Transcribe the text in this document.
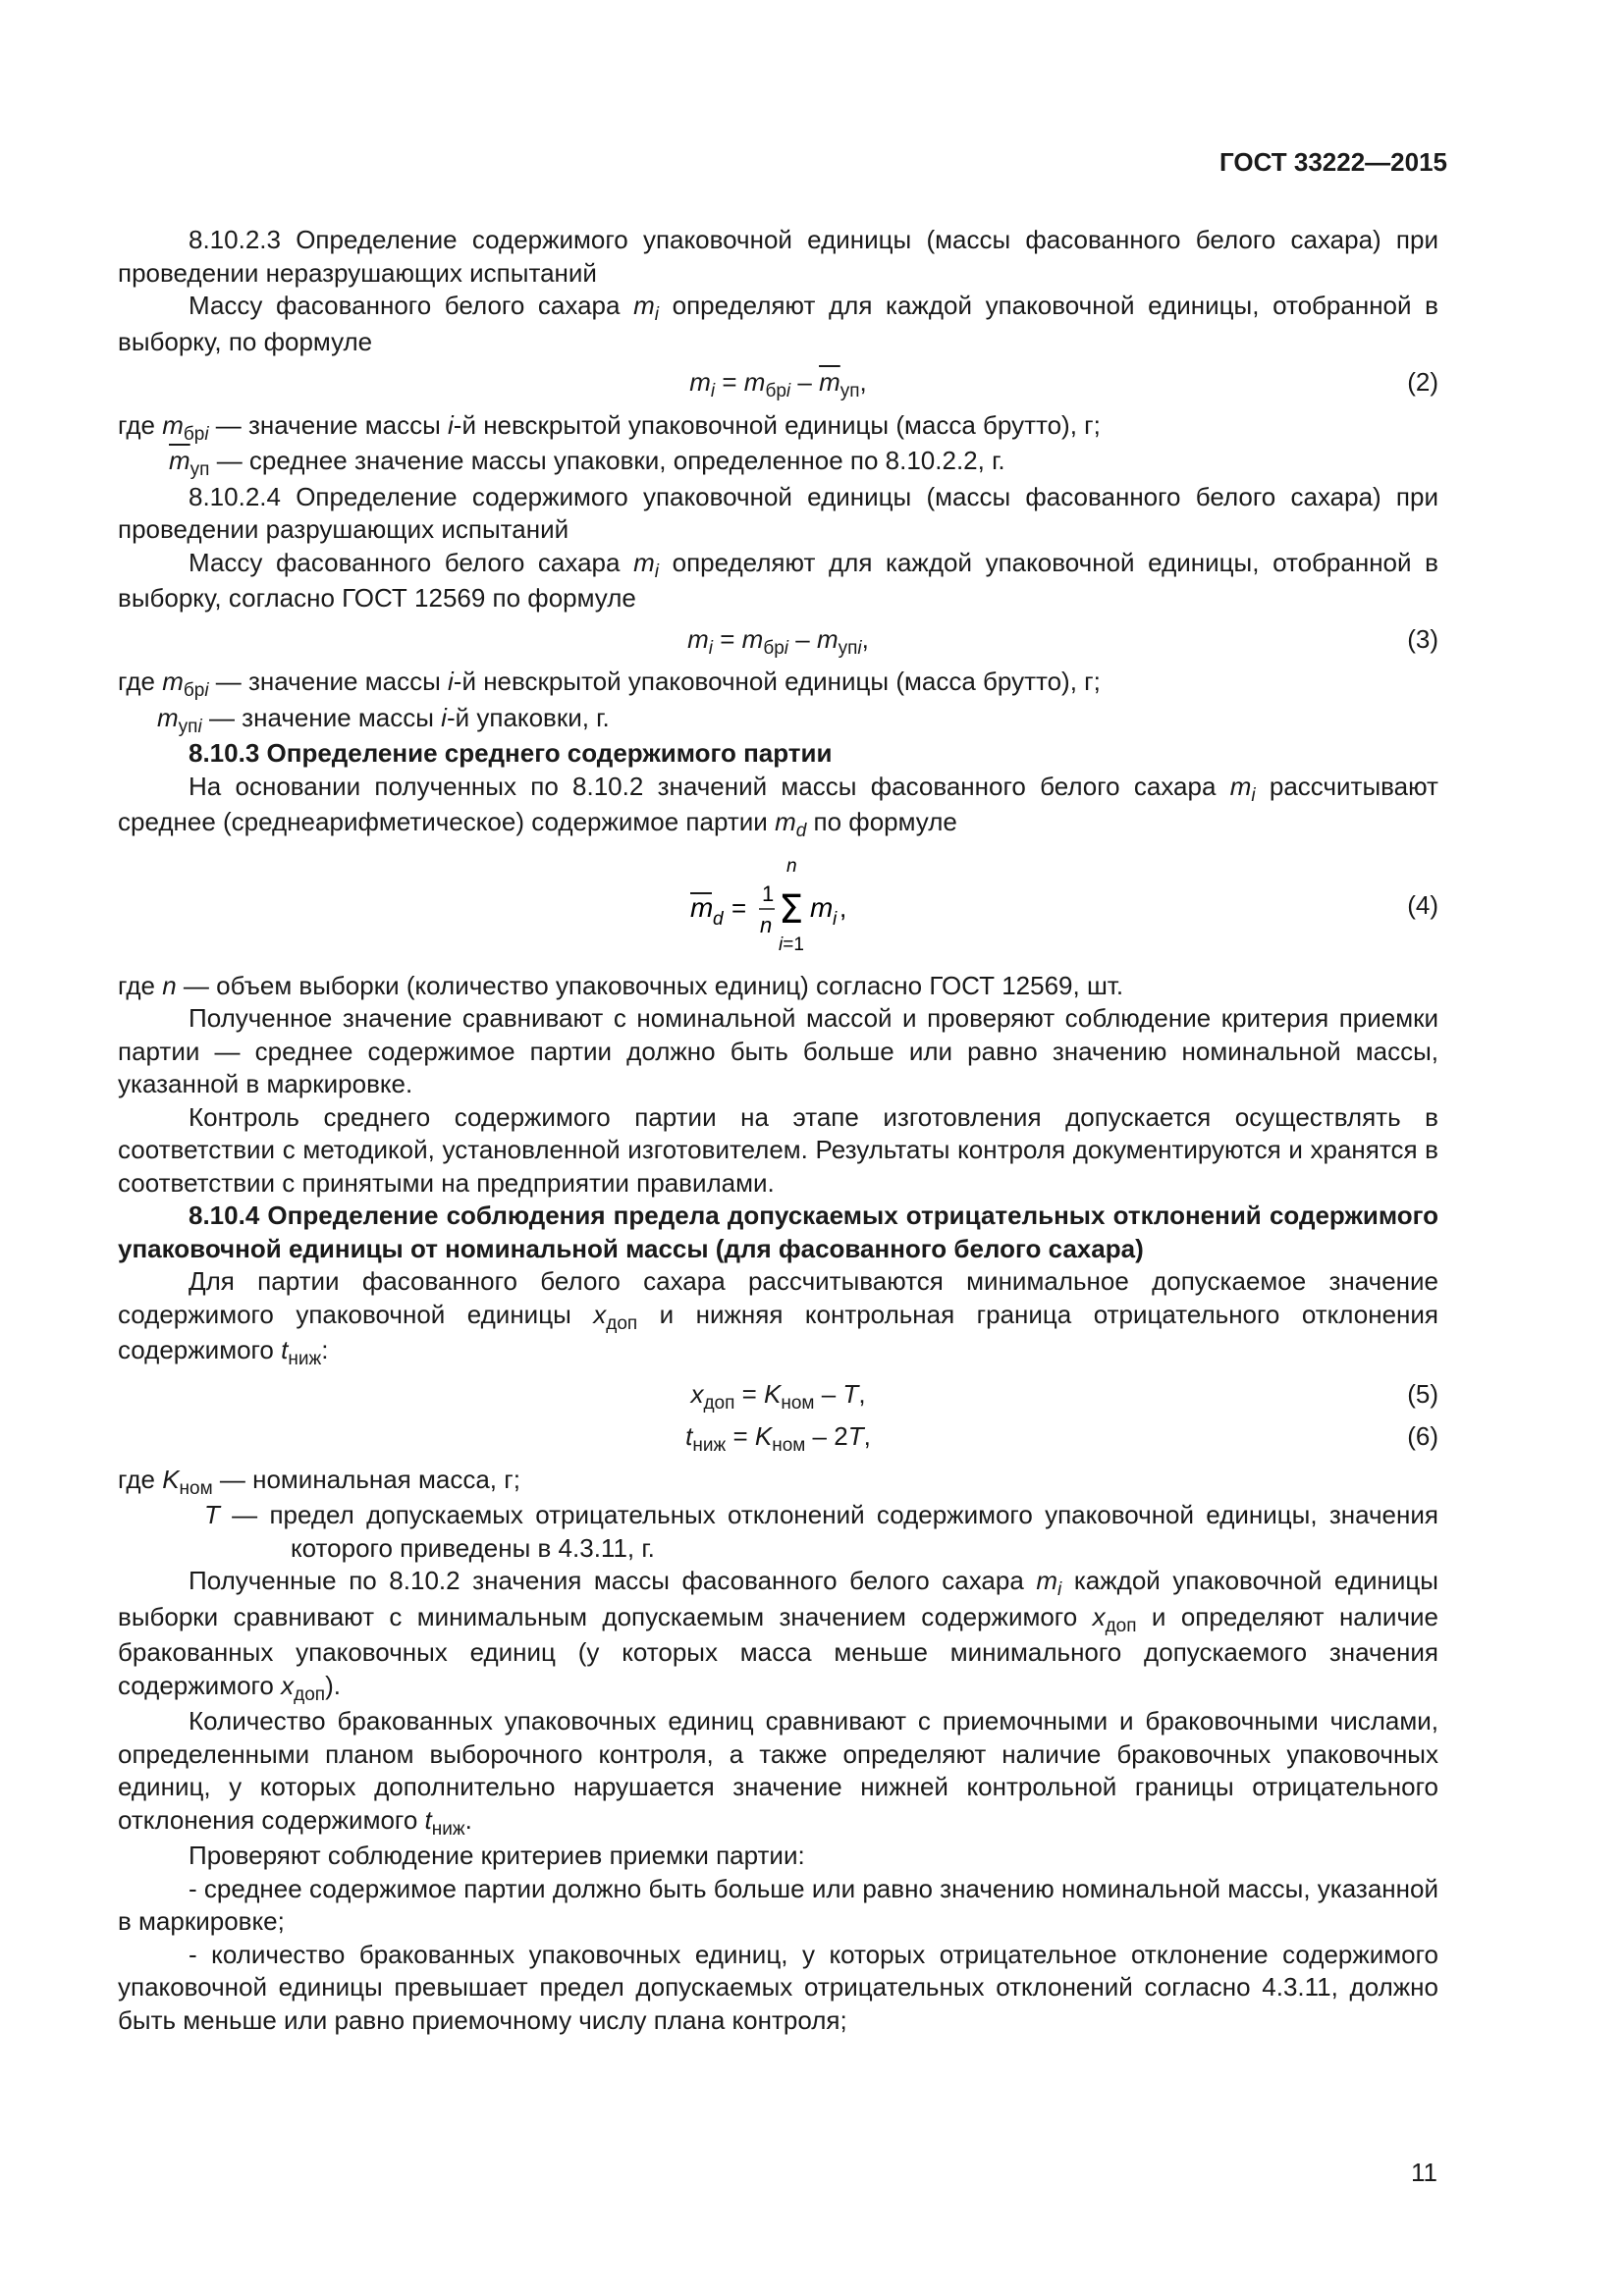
ГОСТ 33222—2015

8.10.2.3 Определение содержимого упаковочной единицы (массы фасованного белого сахара) при проведении неразрушающих испытаний

Массу фасованного белого сахара $m_i$ определяют для каждой упаковочной единицы, отобранной в выборку, по формуле

$m_i = m_{брi} - \overline{m}_{уп}$,	(2)

где $m_{брi}$ — значение массы i-й невскрытой упаковочной единицы (масса брутто), г;

$\overline{m}_{уп}$ — среднее значение массы упаковки, определенное по 8.10.2.2, г.

8.10.2.4 Определение содержимого упаковочной единицы (массы фасованного белого сахара) при проведении разрушающих испытаний

Массу фасованного белого сахара $m_i$ определяют для каждой упаковочной единицы, отобранной в выборку, согласно ГОСТ 12569 по формуле

$m_i = m_{брi} - m_{упi}$,	(3)

где $m_{брi}$ — значение массы i-й невскрытой упаковочной единицы (масса брутто), г;

$m_{упi}$ — значение массы i-й упаковки, г.

8.10.3 Определение среднего содержимого партии

На основании полученных по 8.10.2 значений массы фасованного белого сахара $m_i$ рассчитывают среднее (среднеарифметическое) содержимое партии $m_d$ по формуле

m d = 1
n
n
Σ
i=1
m i ,	(4)

где n — объем выборки (количество упаковочных единиц) согласно ГОСТ 12569, шт.

Полученное значение сравнивают с номинальной массой и проверяют соблюдение критерия приемки партии — среднее содержимое партии должно быть больше или равно значению номинальной массы, указанной в маркировке.

Контроль среднего содержимого партии на этапе изготовления допускается осуществлять в соответствии с методикой, установленной изготовителем. Результаты контроля документируются и хранятся в соответствии с принятыми на предприятии правилами.

8.10.4 Определение соблюдения предела допускаемых отрицательных отклонений содержимого упаковочной единицы от номинальной массы (для фасованного белого сахара)

Для партии фасованного белого сахара рассчитываются минимальное допускаемое значение содержимого упаковочной единицы $x_{доп}$ и нижняя контрольная граница отрицательного отклонения содержимого $t_{ниж}$:

$x_{доп} = K_{ном} - T$,	(5)
$t_{ниж} = K_{ном} - 2T$,	(6)

где $K_{ном}$ — номинальная масса, г;

T — предел допускаемых отрицательных отклонений содержимого упаковочной единицы, значения которого приведены в 4.3.11, г.

Полученные по 8.10.2 значения массы фасованного белого сахара $m_i$ каждой упаковочной единицы выборки сравнивают с минимальным допускаемым значением содержимого $x_{доп}$ и определяют наличие бракованных упаковочных единиц (у которых масса меньше минимального допускаемого значения содержимого $x_{доп}$).

Количество бракованных упаковочных единиц сравнивают с приемочными и браковочными числами, определенными планом выборочного контроля, а также определяют наличие браковочных упаковочных единиц, у которых дополнительно нарушается значение нижней контрольной границы отрицательного отклонения содержимого $t_{ниж}$.

Проверяют соблюдение критериев приемки партии:

- среднее содержимое партии должно быть больше или равно значению номинальной массы, указанной в маркировке;

- количество бракованных упаковочных единиц, у которых отрицательное отклонение содержимого упаковочной единицы превышает предел допускаемых отрицательных отклонений согласно 4.3.11, должно быть меньше или равно приемочному числу плана контроля;

11
